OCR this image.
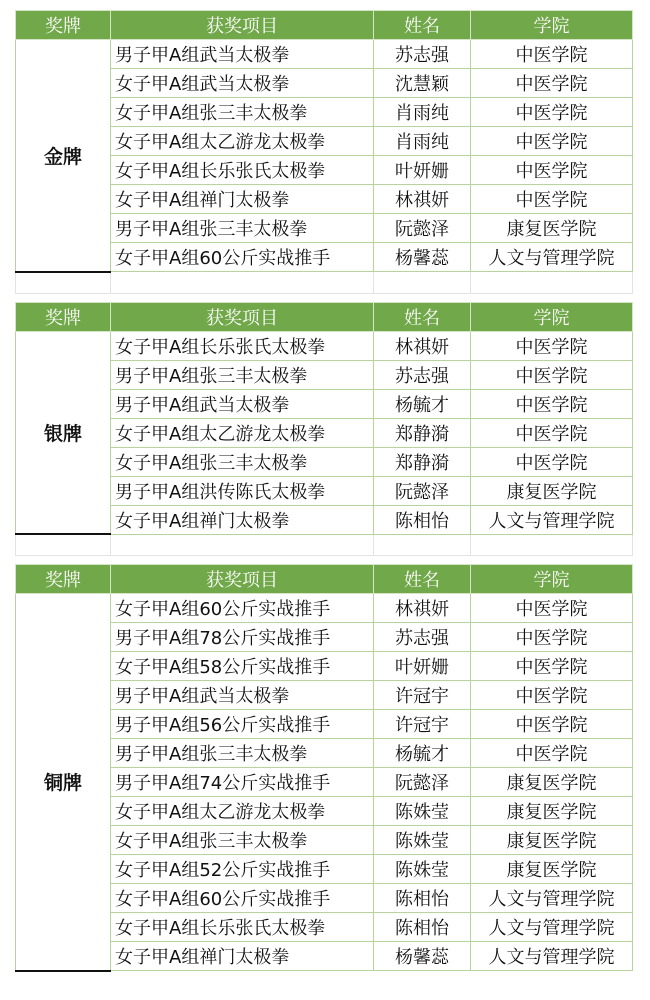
奖牌	获奖项目	姓名	学院
金牌	男子甲A组武当太极拳	苏志强	中医学院
	女子甲A组武当太极拳	沈慧颖	中医学院
	女子甲A组张三丰太极拳	肖雨纯	中医学院
	女子甲A组太乙游龙太极拳	肖雨纯	中医学院
	女子甲A组长乐张氏太极拳	叶妍姗	中医学院
	女子甲A组禅门太极拳	林祺妍	中医学院
	男子甲A组张三丰太极拳	阮懿泽	康复医学院
	女子甲A组60公斤实战推手	杨馨蕊	人文与管理学院

奖牌	获奖项目	姓名	学院
银牌	女子甲A组长乐张氏太极拳	林祺妍	中医学院
	男子甲A组张三丰太极拳	苏志强	中医学院
	男子甲A组武当太极拳	杨毓才	中医学院
	女子甲A组太乙游龙太极拳	郑静漪	中医学院
	女子甲A组张三丰太极拳	郑静漪	中医学院
	男子甲A组洪传陈氏太极拳	阮懿泽	康复医学院
	女子甲A组禅门太极拳	陈相怡	人文与管理学院

奖牌	获奖项目	姓名	学院
铜牌	女子甲A组60公斤实战推手	林祺妍	中医学院
	男子甲A组78公斤实战推手	苏志强	中医学院
	女子甲A组58公斤实战推手	叶妍姗	中医学院
	男子甲A组武当太极拳	许冠宇	中医学院
	男子甲A组56公斤实战推手	许冠宇	中医学院
	男子甲A组张三丰太极拳	杨毓才	中医学院
	男子甲A组74公斤实战推手	阮懿泽	康复医学院
	女子甲A组太乙游龙太极拳	陈姝莹	康复医学院
	女子甲A组张三丰太极拳	陈姝莹	康复医学院
	女子甲A组52公斤实战推手	陈姝莹	康复医学院
	女子甲A组60公斤实战推手	陈相怡	人文与管理学院
	女子甲A组长乐张氏太极拳	陈相怡	人文与管理学院
	女子甲A组禅门太极拳	杨馨蕊	人文与管理学院
